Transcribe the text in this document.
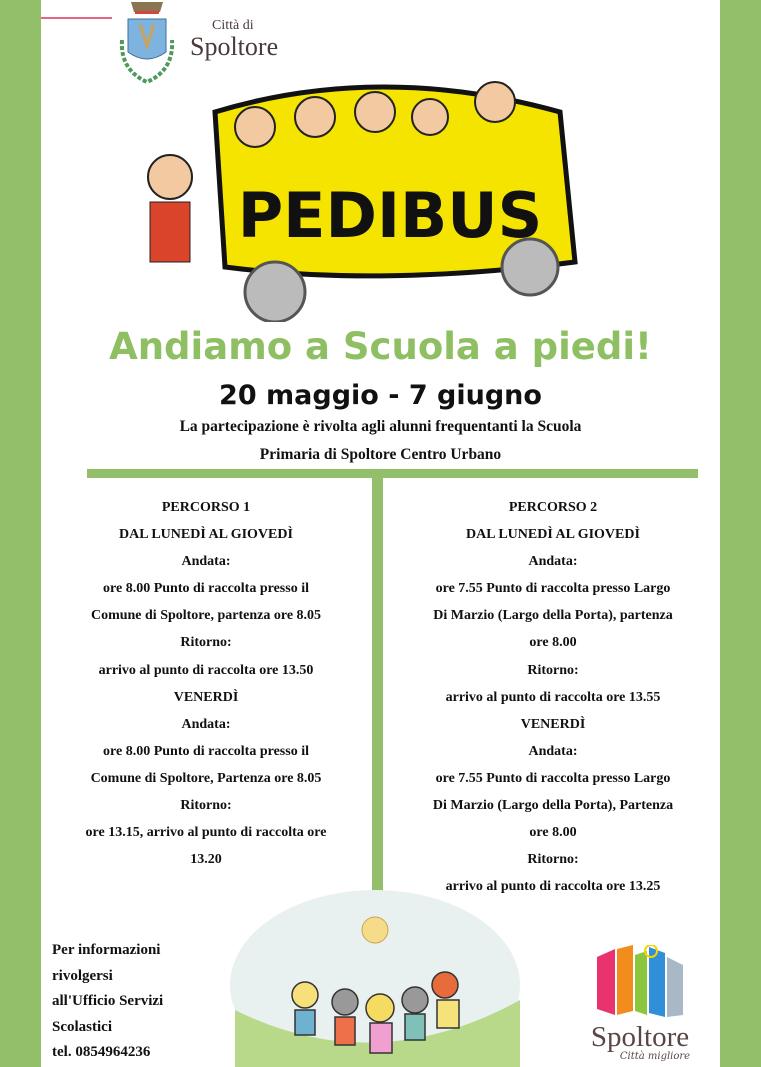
Città di
Spoltore
PEDIBUS
Andiamo a Scuola a piedi!
20 maggio - 7 giugno
La partecipazione è rivolta agli alunni frequentanti la Scuola
Primaria di Spoltore Centro Urbano
PERCORSO 1
DAL LUNEDÌ AL GIOVEDÌ
Andata:
ore 8.00 Punto di raccolta presso il
Comune di Spoltore, partenza ore 8.05
Ritorno:
arrivo al punto di raccolta ore 13.50
VENERDÌ
Andata:
ore 8.00 Punto di raccolta presso il
Comune di Spoltore, Partenza ore 8.05
Ritorno:
ore 13.15, arrivo al punto di raccolta ore
13.20
PERCORSO 2
DAL LUNEDÌ AL GIOVEDÌ
Andata:
ore 7.55 Punto di raccolta presso Largo
Di Marzio (Largo della Porta), partenza
ore 8.00
Ritorno:
arrivo al punto di raccolta ore 13.55
VENERDÌ
Andata:
ore 7.55 Punto di raccolta presso Largo
Di Marzio (Largo della Porta), Partenza
ore 8.00
Ritorno:
arrivo al punto di raccolta ore 13.25
Per informazioni
rivolgersi
all'Ufficio Servizi
Scolastici
tel. 0854964236	Spoltore
Città migliore
